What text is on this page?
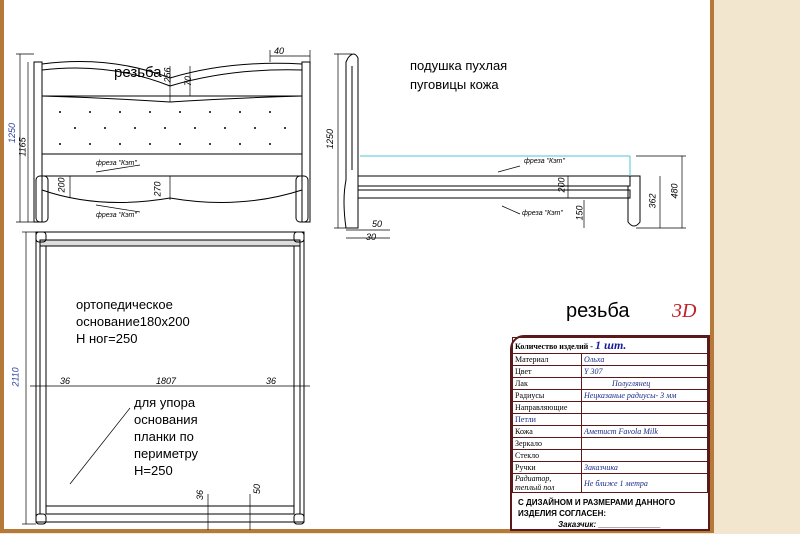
резьба
1250
1165
256 70
40
200	270
фреза "Кэт"
фреза "Кэт"
подушка пухлая
пуговицы кожа
1250
480
362
200
150
50
30
фреза "Кэт"
фреза "Кэт"
ортопедическое
основание180х200
Н ног=250
для упора
основания
планки по
периметру
Н=250
2110	1807
36	36
36
50
резьба 3D
Количество изделий - 1 шт.	
Материал	Ольха
Цвет	Y 307
Лак	Полуглянец
Радиусы	Нецказаные радиусы- 3 мм
Направляющие	
Петли	
Кожа	Аметист Favola Milk
Зеркало	
Стекло	
Ручки	Заказчика
Радиатор,
теплый пол	Не ближе 1 метра
С ДИЗАЙНОМ И РАЗМЕРАМИ ДАННОГО ИЗДЕЛИЯ СОГЛАСЕН:
Заказчик: ______________
